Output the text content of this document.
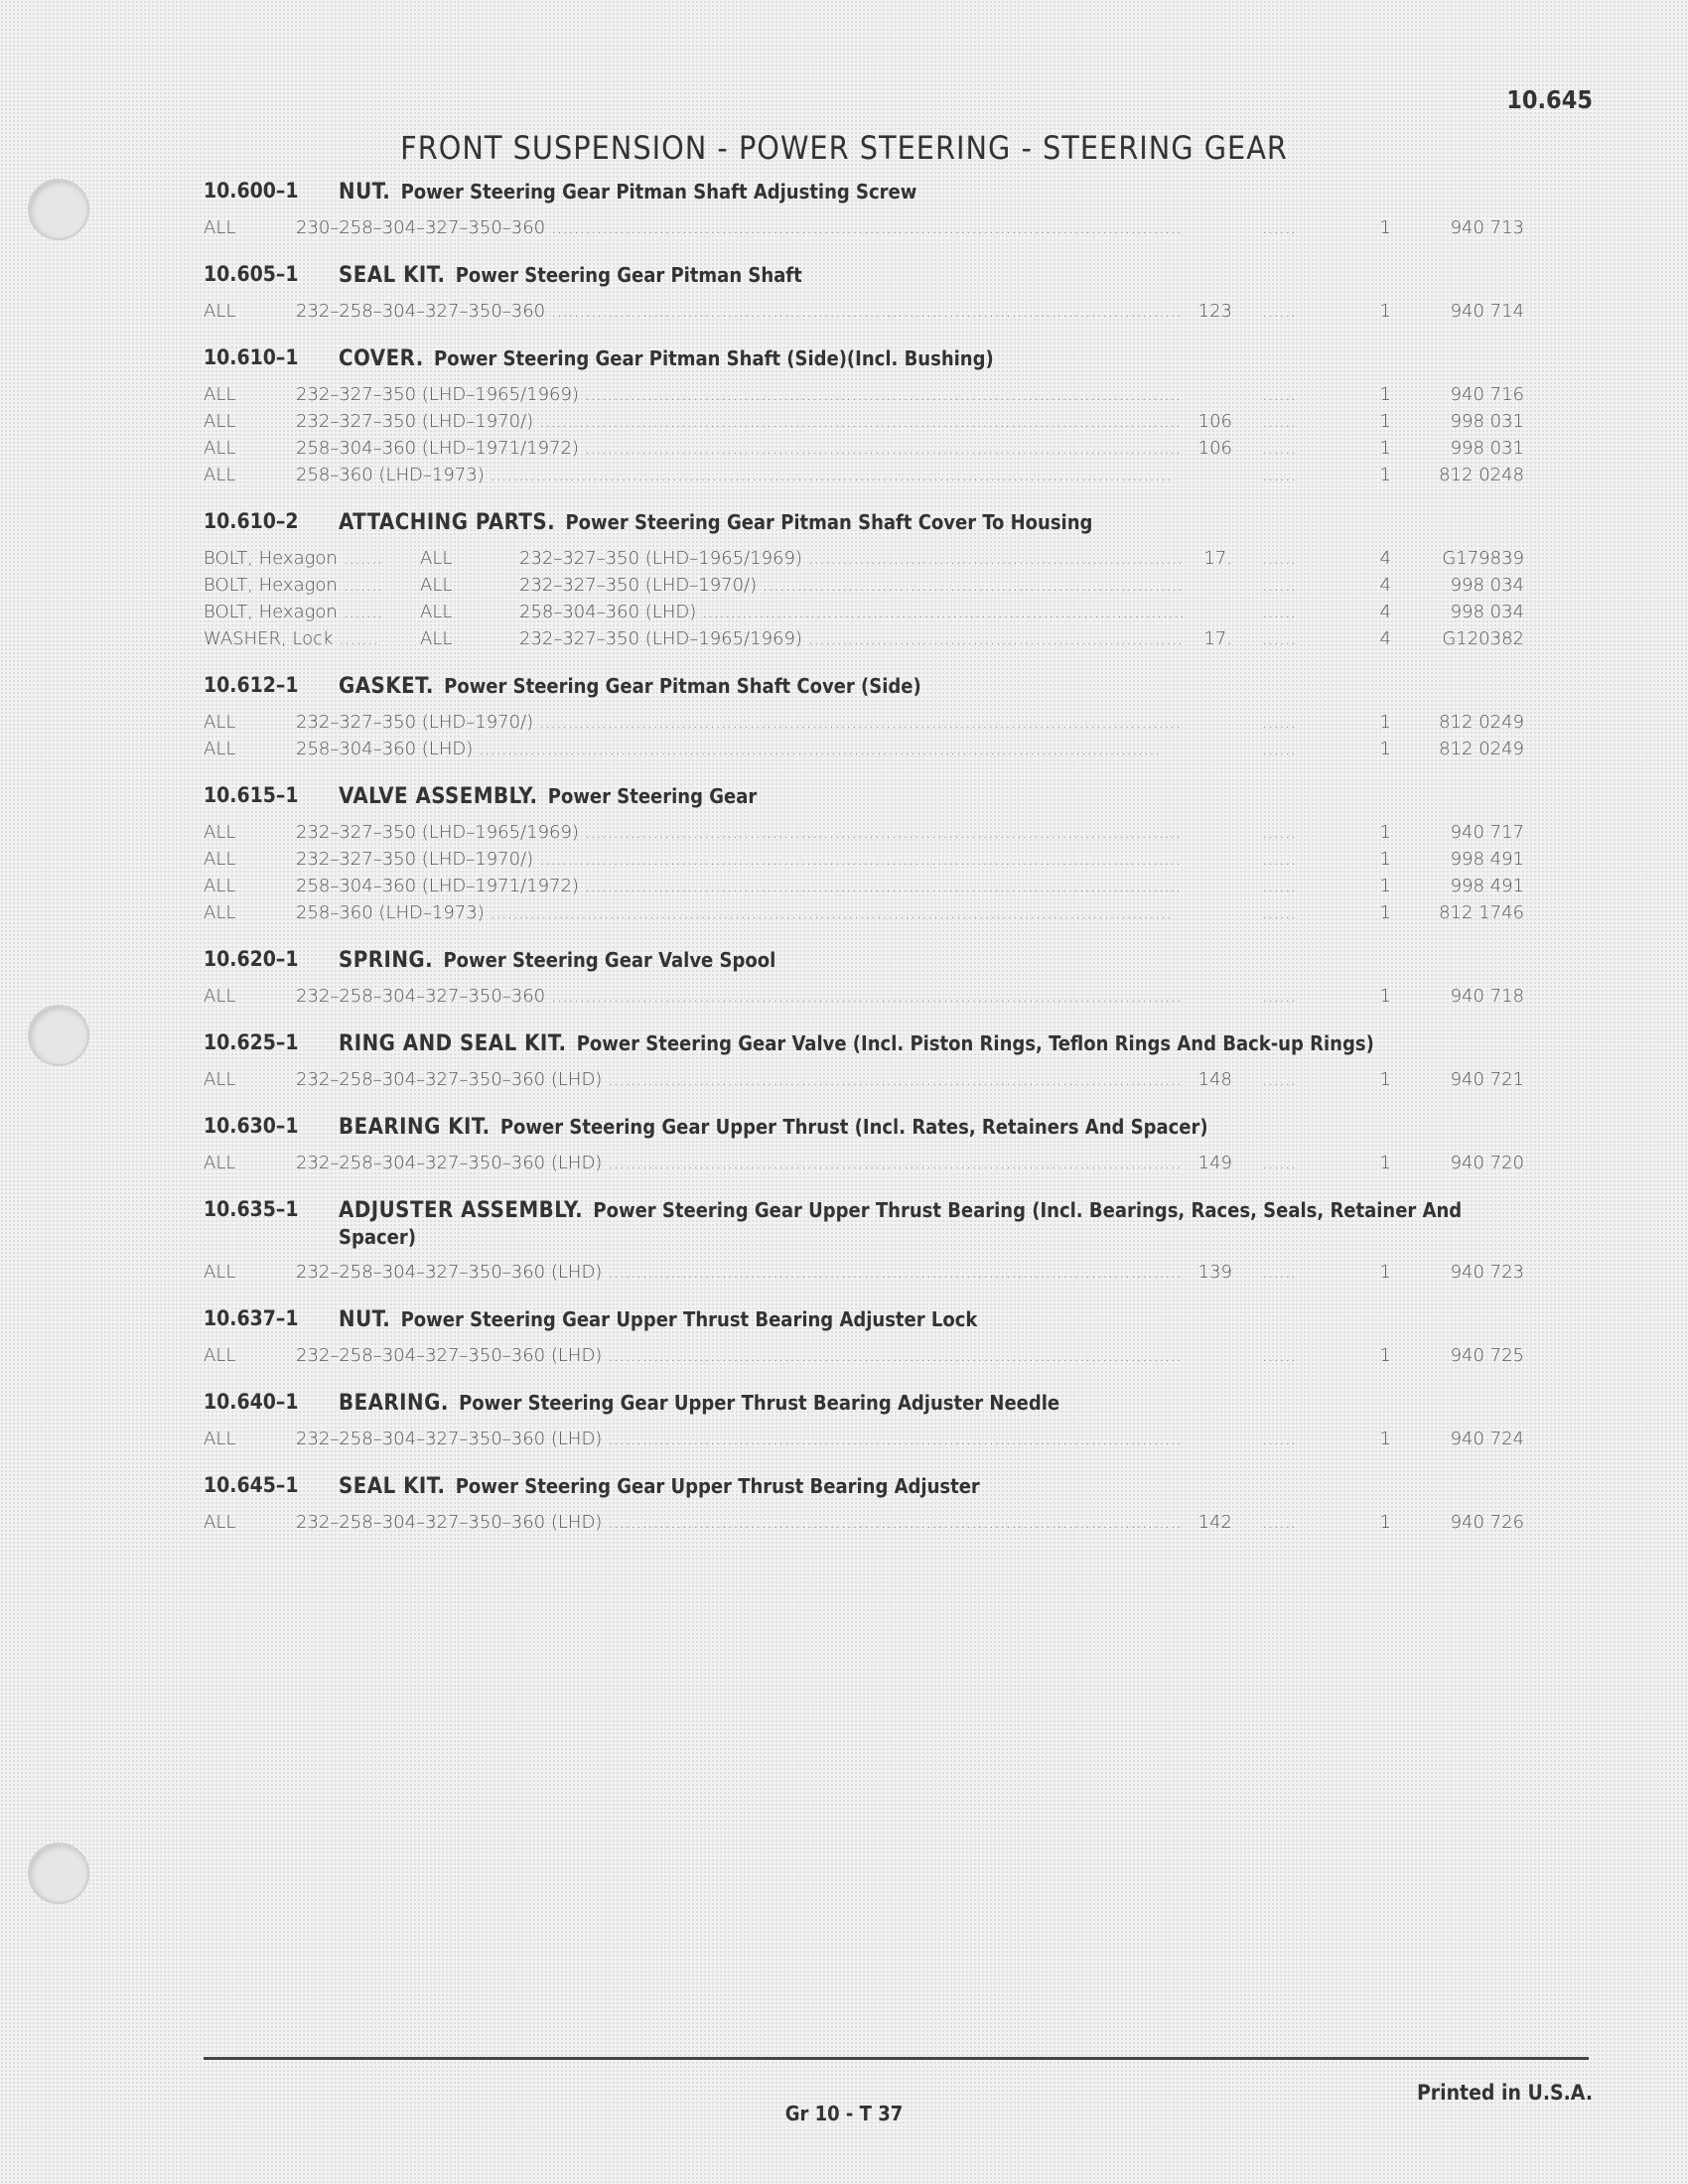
10.645
FRONT SUSPENSION - POWER STEERING - STEERING GEAR
10.600–1	NUT. Power Steering Gear Pitman Shaft Adjusting Screw
ALL	230–258–304–327–350–360 .....	......	1	940 713
10.605–1	SEAL KIT. Power Steering Gear Pitman Shaft
ALL	232–258–304–327–350–360 .....	123	......	1	940 714
10.610–1	COVER. Power Steering Gear Pitman Shaft (Side)(Incl. Bushing)
ALL	232–327–350 (LHD–1965/1969) .....	......	1	940 716
ALL	232–327–350 (LHD–1970/) .....	106	......	1	998 031
ALL	258–304–360 (LHD–1971/1972) .....	106	......	1	998 031
ALL	258–360 (LHD–1973) .....	......	1	812 0248
10.610–2	ATTACHING PARTS. Power Steering Gear Pitman Shaft Cover To Housing
BOLT, Hexagon .......	ALL	232–327–350 (LHD–1965/1969) .....	17.	......	4	G179839
BOLT, Hexagon .......	ALL	232–327–350 (LHD–1970/) .....	......	4	998 034
BOLT, Hexagon .......	ALL	258–304–360 (LHD) .....	......	4	998 034
WASHER, Lock .......	ALL	232–327–350 (LHD–1965/1969) .....	17.	......	4	G120382
10.612–1	GASKET. Power Steering Gear Pitman Shaft Cover (Side)
ALL	232–327–350 (LHD–1970/) .....	......	1	812 0249
ALL	258–304–360 (LHD) .....	......	1	812 0249
10.615–1	VALVE ASSEMBLY. Power Steering Gear
ALL	232–327–350 (LHD–1965/1969) .....	......	1	940 717
ALL	232–327–350 (LHD–1970/) .....	......	1	998 491
ALL	258–304–360 (LHD–1971/1972) .....	......	1	998 491
ALL	258–360 (LHD–1973) .....	......	1	812 1746
10.620–1	SPRING. Power Steering Gear Valve Spool
ALL	232–258–304–327–350–360 .....	......	1	940 718
10.625–1	RING AND SEAL KIT. Power Steering Gear Valve (Incl. Piston Rings, Teflon Rings And Back-up Rings)
ALL	232–258–304–327–350–360 (LHD) .....	148	......	1	940 721
10.630–1	BEARING KIT. Power Steering Gear Upper Thrust (Incl. Rates, Retainers And Spacer)
ALL	232–258–304–327–350–360 (LHD) .....	149	......	1	940 720
10.635–1	ADJUSTER ASSEMBLY. Power Steering Gear Upper Thrust Bearing (Incl. Bearings, Races, Seals, Retainer And Spacer)
ALL	232–258–304–327–350–360 (LHD) .....	139	......	1	940 723
10.637–1	NUT. Power Steering Gear Upper Thrust Bearing Adjuster Lock
ALL	232–258–304–327–350–360 (LHD) .....	......	1	940 725
10.640–1	BEARING. Power Steering Gear Upper Thrust Bearing Adjuster Needle
ALL	232–258–304–327–350–360 (LHD) .....	......	1	940 724
10.645–1	SEAL KIT. Power Steering Gear Upper Thrust Bearing Adjuster
ALL	232–258–304–327–350–360 (LHD) .....	142	......	1	940 726
Printed in U.S.A.
Gr 10 - T 37
